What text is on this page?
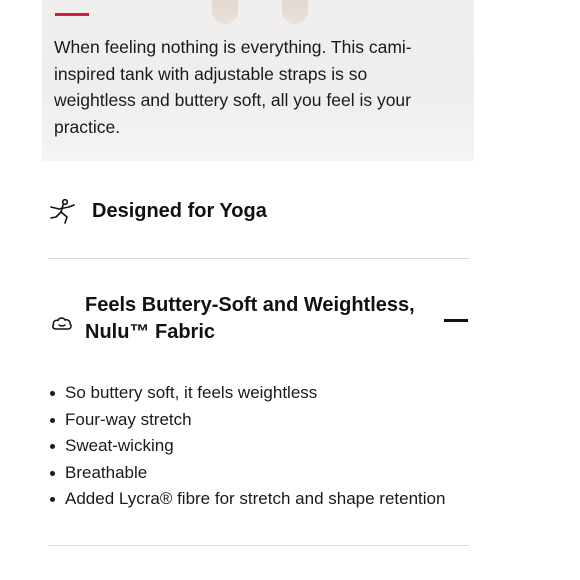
When feeling nothing is everything. This cami-inspired tank with adjustable straps is so weightless and buttery soft, all you feel is your practice.

Designed for Yoga

Feels Buttery-Soft and Weightless, Nulu™ Fabric

So buttery soft, it feels weightless
Four-way stretch
Sweat-wicking
Breathable
Added Lycra® fibre for stretch and shape retention
